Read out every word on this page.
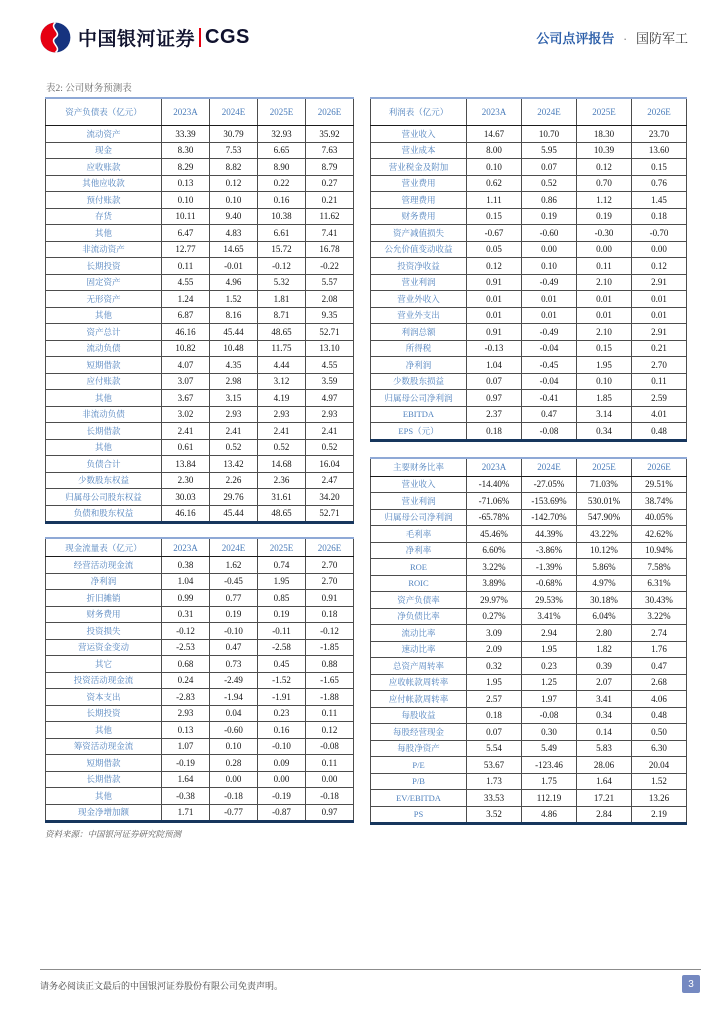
中国银河证券 CGS	公司点评报告 · 国防军工
表2: 公司财务预测表
资产负债表（亿元）	2023A	2024E	2025E	2026E
流动资产	33.39	30.79	32.93	35.92
现金	8.30	7.53	6.65	7.63
应收账款	8.29	8.82	8.90	8.79
其他应收款	0.13	0.12	0.22	0.27
预付账款	0.10	0.10	0.16	0.21
存货	10.11	9.40	10.38	11.62
其他	6.47	4.83	6.61	7.41
非流动资产	12.77	14.65	15.72	16.78
长期投资	0.11	-0.01	-0.12	-0.22
固定资产	4.55	4.96	5.32	5.57
无形资产	1.24	1.52	1.81	2.08
其他	6.87	8.16	8.71	9.35
资产总计	46.16	45.44	48.65	52.71
流动负债	10.82	10.48	11.75	13.10
短期借款	4.07	4.35	4.44	4.55
应付账款	3.07	2.98	3.12	3.59
其他	3.67	3.15	4.19	4.97
非流动负债	3.02	2.93	2.93	2.93
长期借款	2.41	2.41	2.41	2.41
其他	0.61	0.52	0.52	0.52
负债合计	13.84	13.42	14.68	16.04
少数股东权益	2.30	2.26	2.36	2.47
归属母公司股东权益	30.03	29.76	31.61	34.20
负债和股东权益	46.16	45.44	48.65	52.71
现金流量表（亿元）	2023A	2024E	2025E	2026E
经营活动现金流	0.38	1.62	0.74	2.70
净利润	1.04	-0.45	1.95	2.70
折旧摊销	0.99	0.77	0.85	0.91
财务费用	0.31	0.19	0.19	0.18
投资损失	-0.12	-0.10	-0.11	-0.12
营运资金变动	-2.53	0.47	-2.58	-1.85
其它	0.68	0.73	0.45	0.88
投资活动现金流	0.24	-2.49	-1.52	-1.65
资本支出	-2.83	-1.94	-1.91	-1.88
长期投资	2.93	0.04	0.23	0.11
其他	0.13	-0.60	0.16	0.12
筹资活动现金流	1.07	0.10	-0.10	-0.08
短期借款	-0.19	0.28	0.09	0.11
长期借款	1.64	0.00	0.00	0.00
其他	-0.38	-0.18	-0.19	-0.18
现金净增加额	1.71	-0.77	-0.87	0.97
资料来源：中国银河证券研究院预测
利润表（亿元）	2023A	2024E	2025E	2026E
营业收入	14.67	10.70	18.30	23.70
营业成本	8.00	5.95	10.39	13.60
营业税金及附加	0.10	0.07	0.12	0.15
营业费用	0.62	0.52	0.70	0.76
管理费用	1.11	0.86	1.12	1.45
财务费用	0.15	0.19	0.19	0.18
资产减值损失	-0.67	-0.60	-0.30	-0.70
公允价值变动收益	0.05	0.00	0.00	0.00
投资净收益	0.12	0.10	0.11	0.12
营业利润	0.91	-0.49	2.10	2.91
营业外收入	0.01	0.01	0.01	0.01
营业外支出	0.01	0.01	0.01	0.01
利润总额	0.91	-0.49	2.10	2.91
所得税	-0.13	-0.04	0.15	0.21
净利润	1.04	-0.45	1.95	2.70
少数股东损益	0.07	-0.04	0.10	0.11
归属母公司净利润	0.97	-0.41	1.85	2.59
EBITDA	2.37	0.47	3.14	4.01
EPS（元）	0.18	-0.08	0.34	0.48
主要财务比率	2023A	2024E	2025E	2026E
营业收入	-14.40%	-27.05%	71.03%	29.51%
营业利润	-71.06%	-153.69%	530.01%	38.74%
归属母公司净利润	-65.78%	-142.70%	547.90%	40.05%
毛利率	45.46%	44.39%	43.22%	42.62%
净利率	6.60%	-3.86%	10.12%	10.94%
ROE	3.22%	-1.39%	5.86%	7.58%
ROIC	3.89%	-0.68%	4.97%	6.31%
资产负债率	29.97%	29.53%	30.18%	30.43%
净负债比率	0.27%	3.41%	6.04%	3.22%
流动比率	3.09	2.94	2.80	2.74
速动比率	2.09	1.95	1.82	1.76
总资产周转率	0.32	0.23	0.39	0.47
应收帐款周转率	1.95	1.25	2.07	2.68
应付帐款周转率	2.57	1.97	3.41	4.06
每股收益	0.18	-0.08	0.34	0.48
每股经营现金	0.07	0.30	0.14	0.50
每股净资产	5.54	5.49	5.83	6.30
P/E	53.67	-123.46	28.06	20.04
P/B	1.73	1.75	1.64	1.52
EV/EBITDA	33.53	112.19	17.21	13.26
PS	3.52	4.86	2.84	2.19
请务必阅读正文最后的中国银河证券股份有限公司免责声明。	3
